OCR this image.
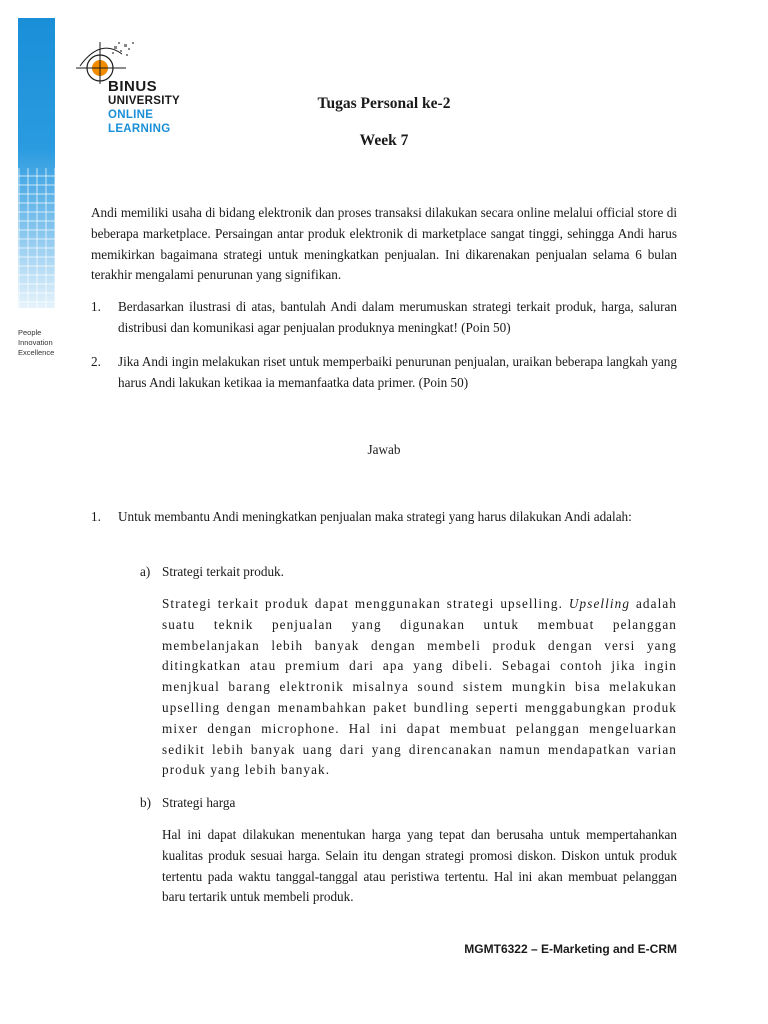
People
Innovation
Excellence
BINUS
UNIVERSITY
ONLINE
LEARNING
Tugas Personal ke-2
Week 7
Andi memiliki usaha di bidang elektronik dan proses transaksi dilakukan secara online melalui official store di beberapa marketplace. Persaingan antar produk elektronik di marketplace sangat tinggi, sehingga Andi harus memikirkan bagaimana strategi untuk meningkatkan penjualan. Ini dikarenakan penjualan selama 6 bulan terakhir mengalami penurunan yang signifikan.
1. Berdasarkan ilustrasi di atas, bantulah Andi dalam merumuskan strategi terkait produk, harga, saluran distribusi dan komunikasi agar penjualan produknya meningkat! (Poin 50)
2. Jika Andi ingin melakukan riset untuk memperbaiki penurunan penjualan, uraikan beberapa langkah yang harus Andi lakukan ketikaa ia memanfaatka data primer. (Poin 50)
Jawab
1. Untuk membantu Andi meningkatkan penjualan maka strategi yang harus dilakukan Andi adalah:
a) Strategi terkait produk.
Strategi terkait produk dapat menggunakan strategi upselling. Upselling adalah suatu teknik penjualan yang digunakan untuk membuat pelanggan membelanjakan lebih banyak dengan membeli produk dengan versi yang ditingkatkan atau premium dari apa yang dibeli. Sebagai contoh jika ingin menjkual barang elektronik misalnya sound sistem mungkin bisa melakukan upselling dengan menambahkan paket bundling seperti menggabungkan produk mixer dengan microphone. Hal ini dapat membuat pelanggan mengeluarkan sedikit lebih banyak uang dari yang direncanakan namun mendapatkan varian produk yang lebih banyak.
b) Strategi harga
Hal ini dapat dilakukan menentukan harga yang tepat dan berusaha untuk mempertahankan kualitas produk sesuai harga. Selain itu dengan strategi promosi diskon. Diskon untuk produk tertentu pada waktu tanggal-tanggal atau peristiwa tertentu. Hal ini akan membuat pelanggan baru tertarik untuk membeli produk.
MGMT6322 – E-Marketing and E-CRM
